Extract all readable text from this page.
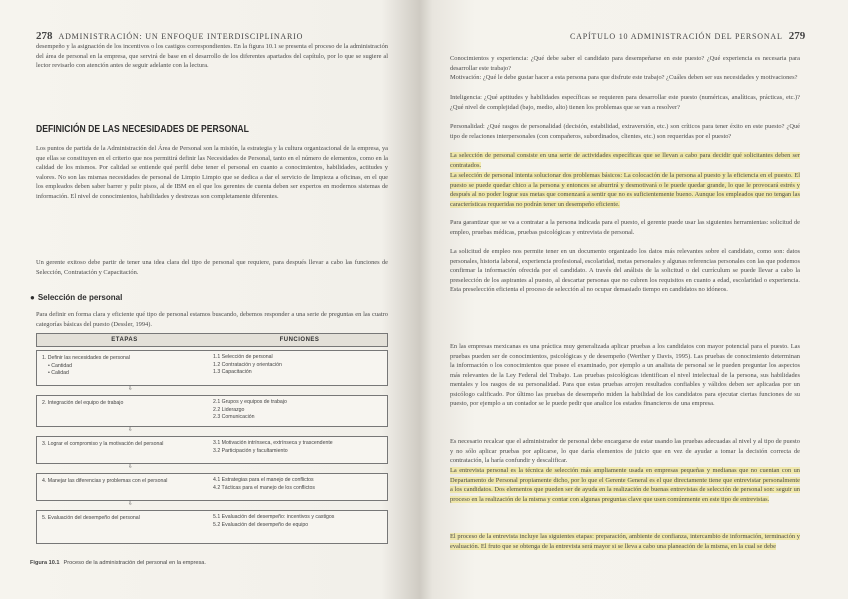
278 ADMINISTRACIÓN: UN ENFOQUE INTERDISCIPLINARIO
desempeño y la asignación de los incentivos o los castigos correspondientes. En la figura 10.1 se presenta el proceso de la administración del área de personal en la empresa, que servirá de base en el desarrollo de los diferentes apartados del capítulo, por lo que se sugiere al lector revisarlo con atención antes de seguir adelante con la lectura.
DEFINICIÓN DE LAS NECESIDADES DE PERSONAL
Los puntos de partida de la Administración del Área de Personal son la misión, la estrategia y la cultura organizacional de la empresa, ya que ellas se constituyen en el criterio que nos permitirá definir las Necesidades de Personal, tanto en el número de elementos, como en la calidad de los mismos. Por calidad se entiende qué perfil debe tener el personal en cuanto a conocimientos, habilidades, actitudes y valores. No son las mismas necesidades de personal de Limpio Limpio que se dedica a dar el servicio de limpieza a oficinas, en el que los empleados deben saber barrer y pulir pisos, al de IBM en el que los gerentes de cuenta deben ser expertos en modernos sistemas de información. El nivel de conocimientos, habilidades y destrezas son completamente diferentes.
Un gerente exitoso debe partir de tener una idea clara del tipo de personal que requiere, para después llevar a cabo las funciones de Selección, Contratación y Capacitación.
● Selección de personal
Para definir en forma clara y eficiente qué tipo de personal estamos buscando, debemos responder a una serie de preguntas en las cuatro categorías básicas del puesto (Dessler, 1994).
ETAPAS	FUNCIONES
1. Definir las necesidades de personal
• Cantidad
• Calidad
1.1 Selección de personal
1.2 Contratación y orientación
1.3 Capacitación
⇩
2. Integración del equipo de trabajo	2.1 Grupos y equipos de trabajo
2.2 Liderazgo
2.3 Comunicación
⇩
3. Lograr el compromiso y la motivación del personal	3.1 Motivación intrínseca, extrínseca y trascendente
3.2 Participación y facultamiento
⇩
4. Manejar las diferencias y problemas con el personal	4.1 Estrategias para el manejo de conflictos
4.2 Tácticas para el manejo de los conflictos
⇩
5. Evaluación del desempeño del personal	5.1 Evaluación del desempeño: incentivos y castigos
5.2 Evaluación del desempeño de equipo
Figura 10.1 Proceso de la administración del personal en la empresa.
CAPÍTULO 10 ADMINISTRACIÓN DEL PERSONAL 279
Conocimientos y experiencia: ¿Qué debe saber el candidato para desempeñarse en este puesto? ¿Qué experiencia es necesaria para desarrollar este trabajo?
Motivación: ¿Qué le debe gustar hacer a esta persona para que disfrute este trabajo? ¿Cuáles deben ser sus necesidades y motivaciones?
Inteligencia: ¿Qué aptitudes y habilidades específicas se requieren para desarrollar este puesto (numéricas, analíticas, prácticas, etc.)? ¿Qué nivel de complejidad (bajo, medio, alto) tienen los problemas que se van a resolver?
Personalidad: ¿Qué rasgos de personalidad (decisión, estabilidad, extraversión, etc.) son críticos para tener éxito en este puesto? ¿Qué tipo de relaciones interpersonales (con compañeros, subordinados, clientes, etc.) son requeridas por el puesto?
La selección de personal consiste en una serie de actividades específicas que se llevan a cabo para decidir qué solicitantes deben ser contratados.
La selección de personal intenta solucionar dos problemas básicos: La colocación de la persona al puesto y la eficiencia en el puesto. El puesto se puede quedar chico a la persona y entonces se aburrirá y desmotivará o le puede quedar grande, lo que le provocará estrés y después al no poder lograr sus metas que comenzará a sentir que no es suficientemente bueno. Aunque los empleados que no tengan las características requeridas no podrán tener un desempeño eficiente.
Para garantizar que se va a contratar a la persona indicada para el puesto, el gerente puede usar las siguientes herramientas: solicitud de empleo, pruebas médicas, pruebas psicológicas y entrevista de personal.
La solicitud de empleo nos permite tener en un documento organizado los datos más relevantes sobre el candidato, como son: datos personales, historia laboral, experiencia profesional, escolaridad, metas personales y algunas referencias personales con las que podemos confirmar la información ofrecida por el candidato. A través del análisis de la solicitud o del currículum se puede llevar a cabo la preselección de los aspirantes al puesto, al descartar personas que no cubren los requisitos en cuanto a edad, escolaridad o experiencia. Esta preselección eficienta el proceso de selección al no ocupar demasiado tiempo en candidatos no idóneos.
En las empresas mexicanas es una práctica muy generalizada aplicar pruebas a los candidatos con mayor potencial para el puesto. Las pruebas pueden ser de conocimientos, psicológicas y de desempeño (Werther y Davis, 1995). Las pruebas de conocimiento determinan la información o los conocimientos que posee el examinado, por ejemplo a un analista de personal se le pueden preguntar los aspectos más relevantes de la Ley Federal del Trabajo. Las pruebas psicológicas identifican el nivel intelectual de la persona, sus habilidades mentales y los rasgos de su personalidad. Para que estas pruebas arrojen resultados confiables y válidos deben ser aplicadas por un psicólogo calificado. Por último las pruebas de desempeño miden la habilidad de los candidatos para ejecutar ciertas funciones de su puesto, por ejemplo a un contador se le puede pedir que analice los estados financieros de una empresa.
Es necesario recalcar que el administrador de personal debe encargarse de estar usando las pruebas adecuadas al nivel y al tipo de puesto y no sólo aplicar pruebas por aplicarse, lo que daría elementos de juicio que en vez de ayudar a tomar la decisión correcta de contratación, la haría confundir y descalificar.
La entrevista personal es la técnica de selección más ampliamente usada en empresas pequeñas y medianas que no cuentan con un Departamento de Personal propiamente dicho, por lo que el Gerente General es el que directamente tiene que entrevistar personalmente a los candidatos. Dos elementos que pueden ser de ayuda en la realización de buenas entrevistas de selección de personal son: seguir un proceso en la realización de la misma y contar con algunas preguntas clave que usen comúnmente en este tipo de entrevistas.
El proceso de la entrevista incluye las siguientes etapas: preparación, ambiente de confianza, intercambio de información, terminación y evaluación. El fruto que se obtenga de la entrevista será mayor si se lleva a cabo una planeación de la misma, en la cual se debe
